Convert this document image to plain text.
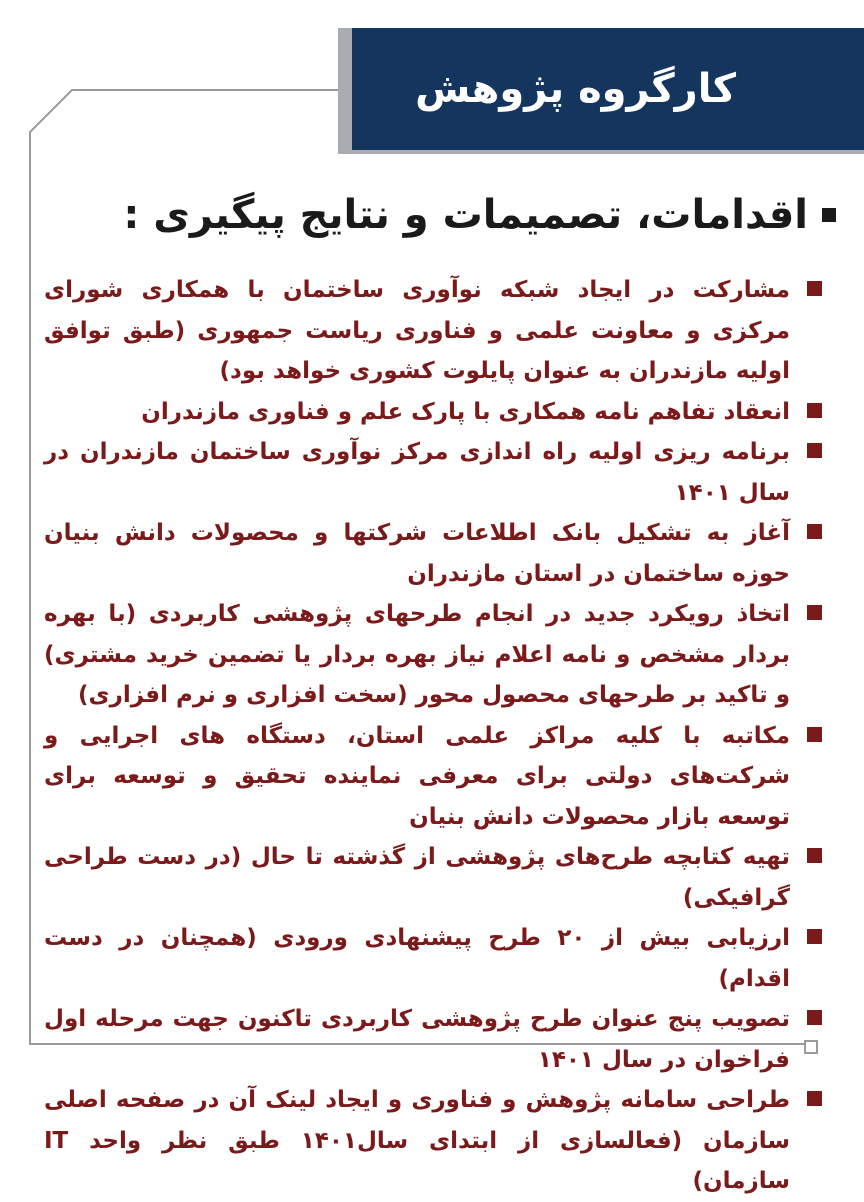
کارگروه پژوهش
اقدامات، تصمیمات و نتایج پیگیری :
مشارکت در ایجاد شبکه نوآوری ساختمان با همکاری شورای مرکزی و معاونت علمی و فناوری ریاست جمهوری (طبق توافق اولیه مازندران به عنوان پایلوت کشوری خواهد بود)
انعقاد تفاهم نامه همکاری با پارک علم و فناوری مازندران
برنامه ریزی اولیه راه اندازی مرکز نوآوری ساختمان مازندران در سال ۱۴۰۱
آغاز به تشکیل بانک اطلاعات شرکتها و محصولات دانش بنیان حوزه ساختمان در استان مازندران
اتخاذ رویکرد جدید در انجام طرحهای پژوهشی کاربردی (با بهره بردار مشخص و نامه اعلام نیاز بهره بردار یا تضمین خرید مشتری) و تاکید بر طرحهای محصول محور (سخت افزاری و نرم افزاری)
مکاتبه با کلیه مراکز علمی استان، دستگاه های اجرایی و شرکت‌های دولتی برای معرفی نماینده تحقیق و توسعه برای توسعه بازار محصولات دانش بنیان
تهیه کتابچه طرح‌های پژوهشی از گذشته تا حال (در دست طراحی گرافیکی)
ارزیابی بیش از ۲۰ طرح پیشنهادی ورودی (همچنان در دست اقدام)
تصویب پنج عنوان طرح پژوهشی کاربردی تاکنون جهت مرحله اول فراخوان در سال ۱۴۰۱
طراحی سامانه پژوهش و فناوری و ایجاد لینک آن در صفحه اصلی سازمان (فعالسازی از ابتدای سال۱۴۰۱ طبق نظر واحد IT سازمان)
